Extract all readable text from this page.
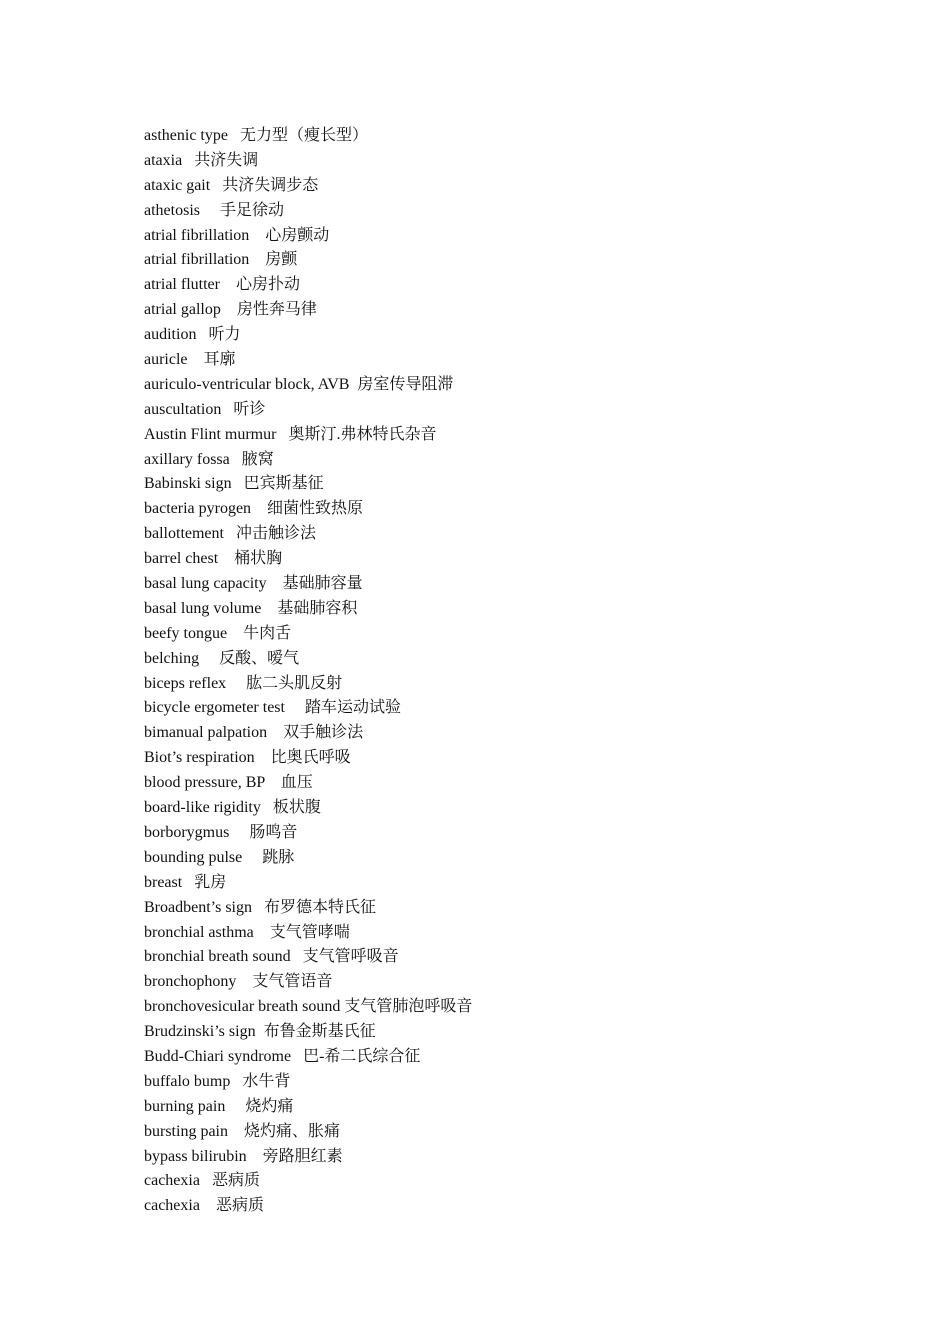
asthenic type   无力型（瘦长型）
ataxia   共济失调
ataxic gait   共济失调步态
athetosis     手足徐动
atrial fibrillation    心房颤动
atrial fibrillation    房颤
atrial flutter    心房扑动
atrial gallop    房性奔马律
audition   听力
auricle    耳廓
auriculo-ventricular block, AVB  房室传导阻滞
auscultation   听诊
Austin Flint murmur   奥斯汀.弗林特氏杂音
axillary fossa   腋窝
Babinski sign   巴宾斯基征
bacteria pyrogen    细菌性致热原
ballottement   冲击触诊法
barrel chest    桶状胸
basal lung capacity    基础肺容量
basal lung volume    基础肺容积
beefy tongue    牛肉舌
belching     反酸、嗳气
biceps reflex     肱二头肌反射
bicycle ergometer test     踏车运动试验
bimanual palpation    双手触诊法
Biot’s respiration    比奥氏呼吸
blood pressure, BP    血压
board-like rigidity   板状腹
borborygmus     肠鸣音
bounding pulse     跳脉
breast   乳房
Broadbent’s sign   布罗德本特氏征
bronchial asthma    支气管哮喘
bronchial breath sound   支气管呼吸音
bronchophony    支气管语音
bronchovesicular breath sound 支气管肺泡呼吸音
Brudzinski’s sign  布鲁金斯基氏征
Budd-Chiari syndrome   巴-希二氏综合征
buffalo bump   水牛背
burning pain     烧灼痛
bursting pain    烧灼痛、胀痛
bypass bilirubin    旁路胆红素
cachexia   恶病质
cachexia    恶病质
